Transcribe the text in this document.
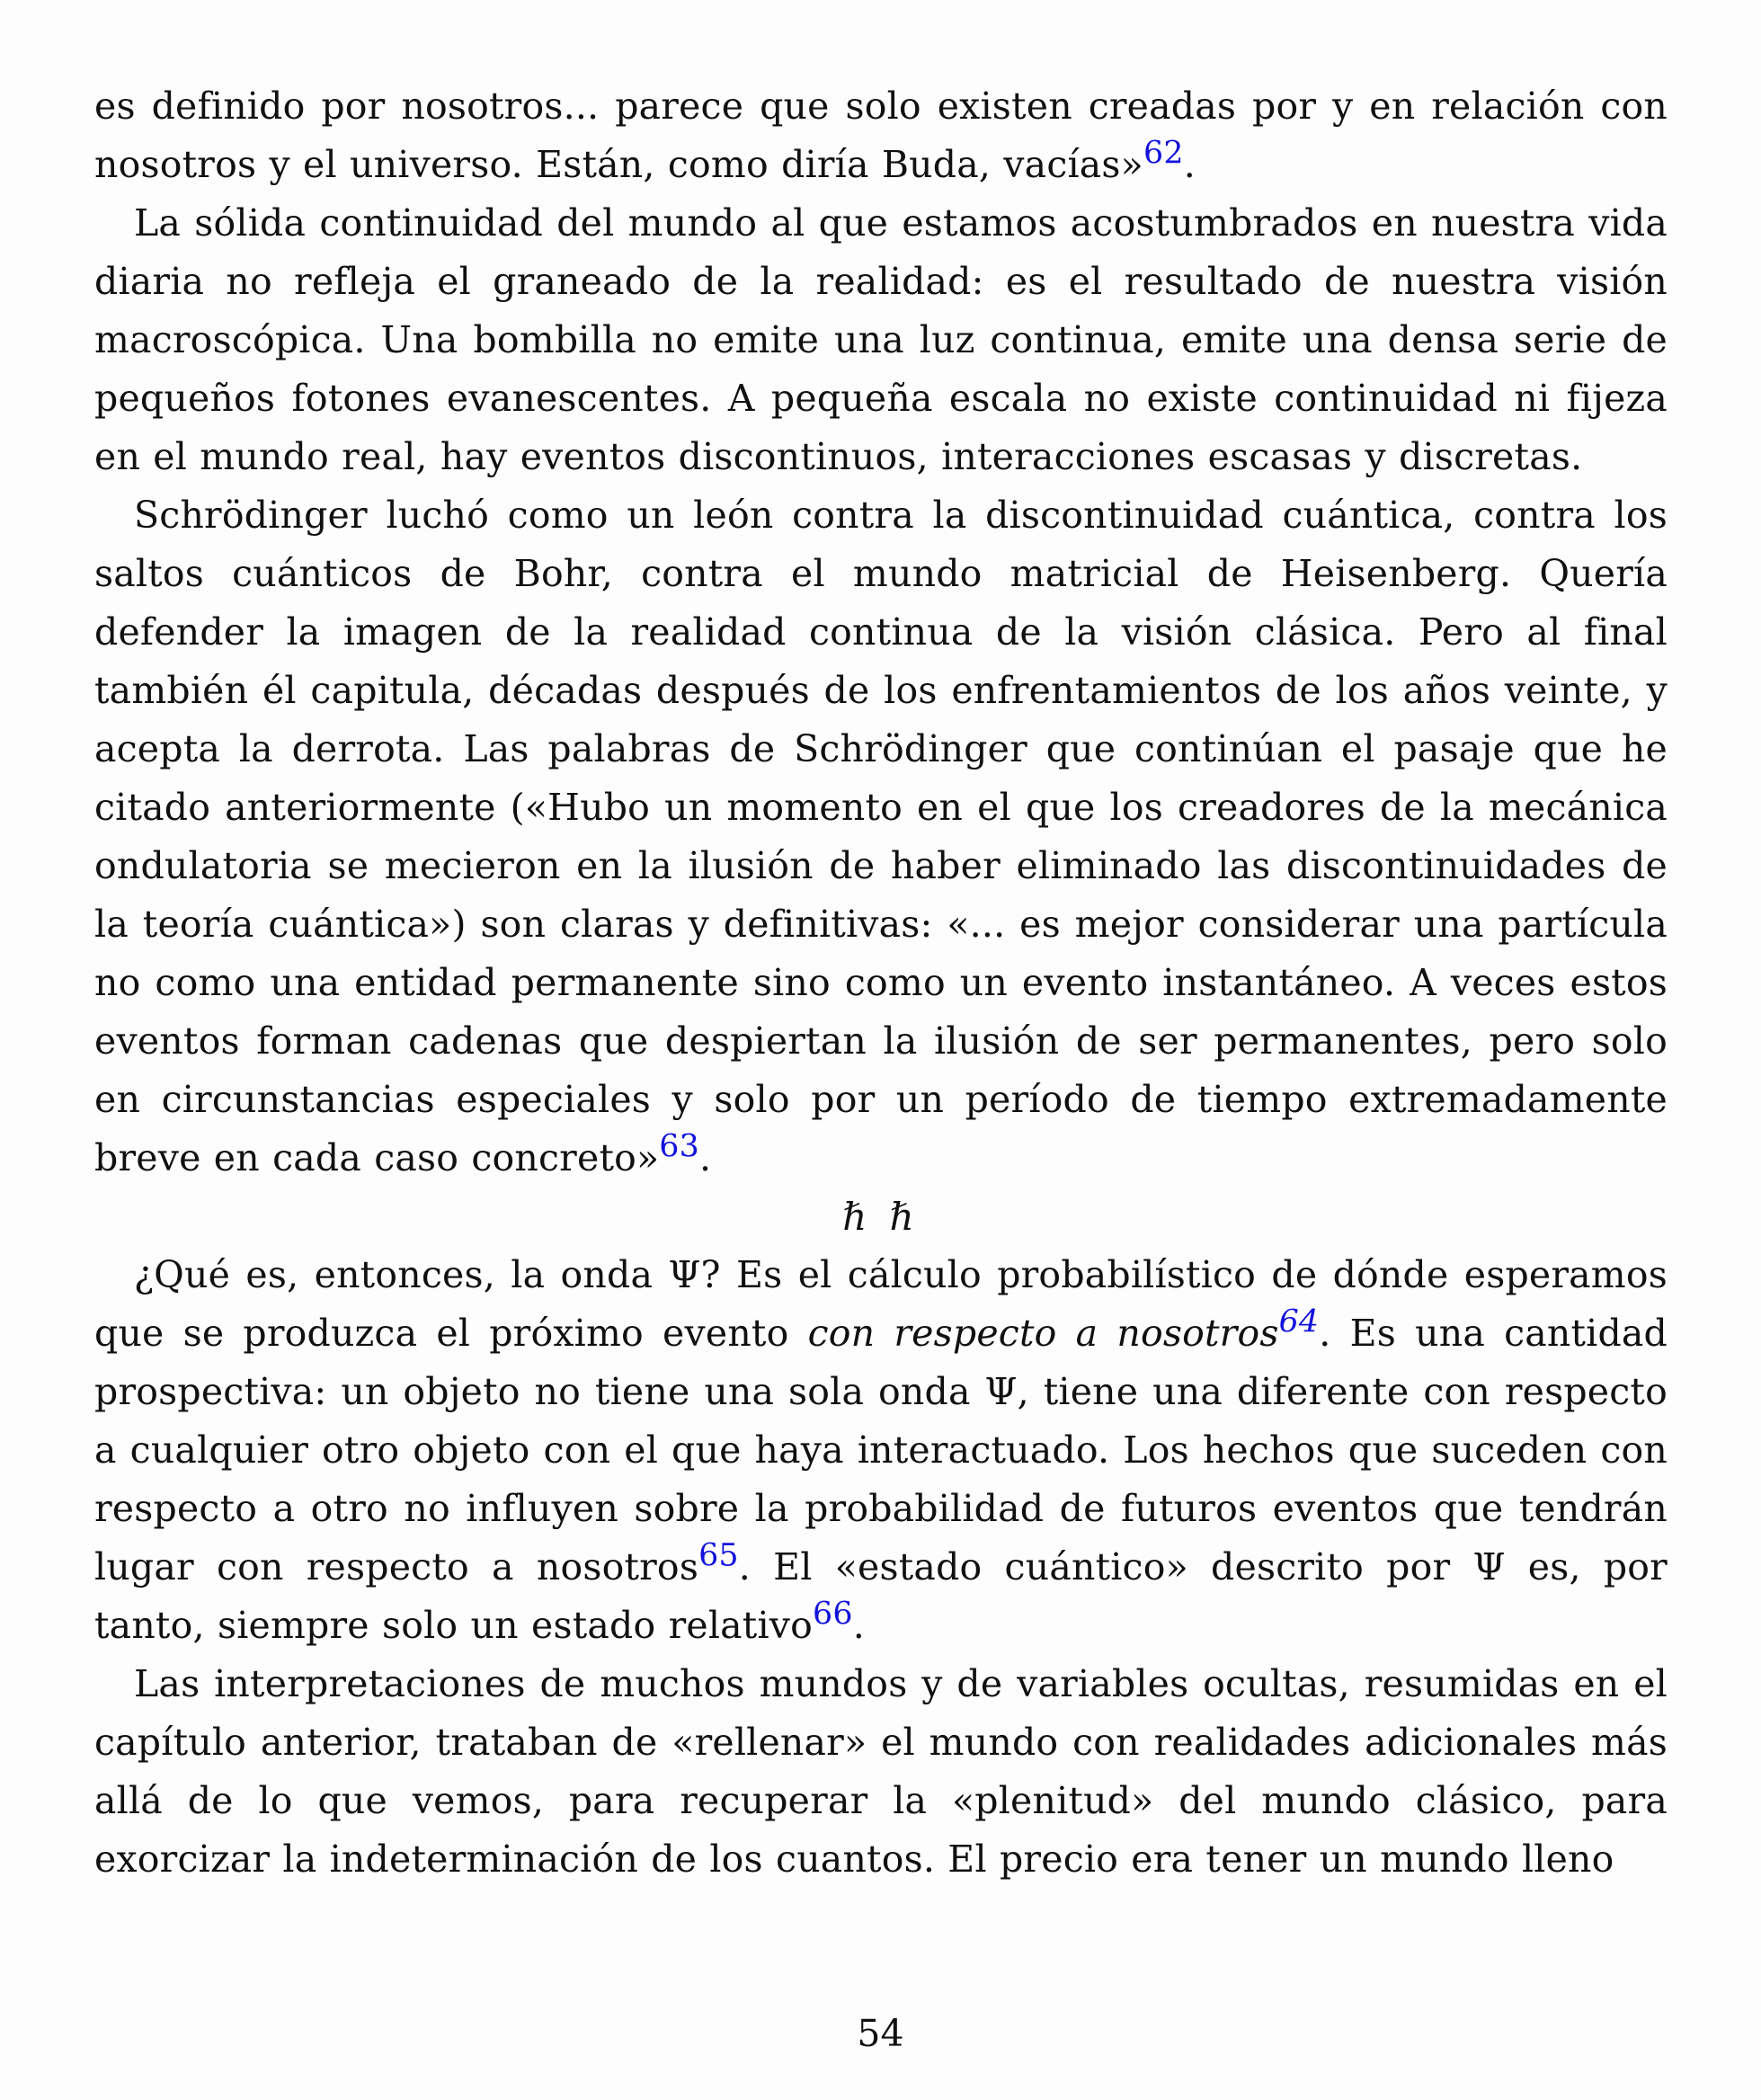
es definido por nosotros... parece que solo existen creadas por y en relación con nosotros y el universo. Están, como diría Buda, vacías»$^{62}$.

La sólida continuidad del mundo al que estamos acostumbrados en nuestra vida diaria no refleja el graneado de la realidad: es el resultado de nuestra visión macroscópica. Una bombilla no emite una luz continua, emite una densa serie de pequeños fotones evanescentes. A pequeña escala no existe continuidad ni fijeza en el mundo real, hay eventos discontinuos, interacciones escasas y discretas.

Schrödinger luchó como un león contra la discontinuidad cuántica, contra los saltos cuánticos de Bohr, contra el mundo matricial de Heisenberg. Quería defender la imagen de la realidad continua de la visión clásica. Pero al final también él capitula, décadas después de los enfrentamientos de los años veinte, y acepta la derrota. Las palabras de Schrödinger que continúan el pasaje que he citado anteriormente («Hubo un momento en el que los creadores de la mecánica ondulatoria se mecieron en la ilusión de haber eliminado las discontinuidades de la teoría cuántica») son claras y definitivas: «... es mejor considerar una partícula no como una entidad permanente sino como un evento instantáneo. A veces estos eventos forman cadenas que despiertan la ilusión de ser permanentes, pero solo en circunstancias especiales y solo por un período de tiempo extremadamente breve en cada caso concreto»$^{63}$.

ℏ ℏ

¿Qué es, entonces, la onda Ψ? Es el cálculo probabilístico de dónde esperamos que se produzca el próximo evento con respecto a nosotros$^{64}$. Es una cantidad prospectiva: un objeto no tiene una sola onda Ψ, tiene una diferente con respecto a cualquier otro objeto con el que haya interactuado. Los hechos que suceden con respecto a otro no influyen sobre la probabilidad de futuros eventos que tendrán lugar con respecto a nosotros$^{65}$. El «estado cuántico» descrito por Ψ es, por tanto, siempre solo un estado relativo$^{66}$.

Las interpretaciones de muchos mundos y de variables ocultas, resumidas en el capítulo anterior, trataban de «rellenar» el mundo con realidades adicionales más allá de lo que vemos, para recuperar la «plenitud» del mundo clásico, para exorcizar la indeterminación de los cuantos. El precio era tener un mundo lleno

54
